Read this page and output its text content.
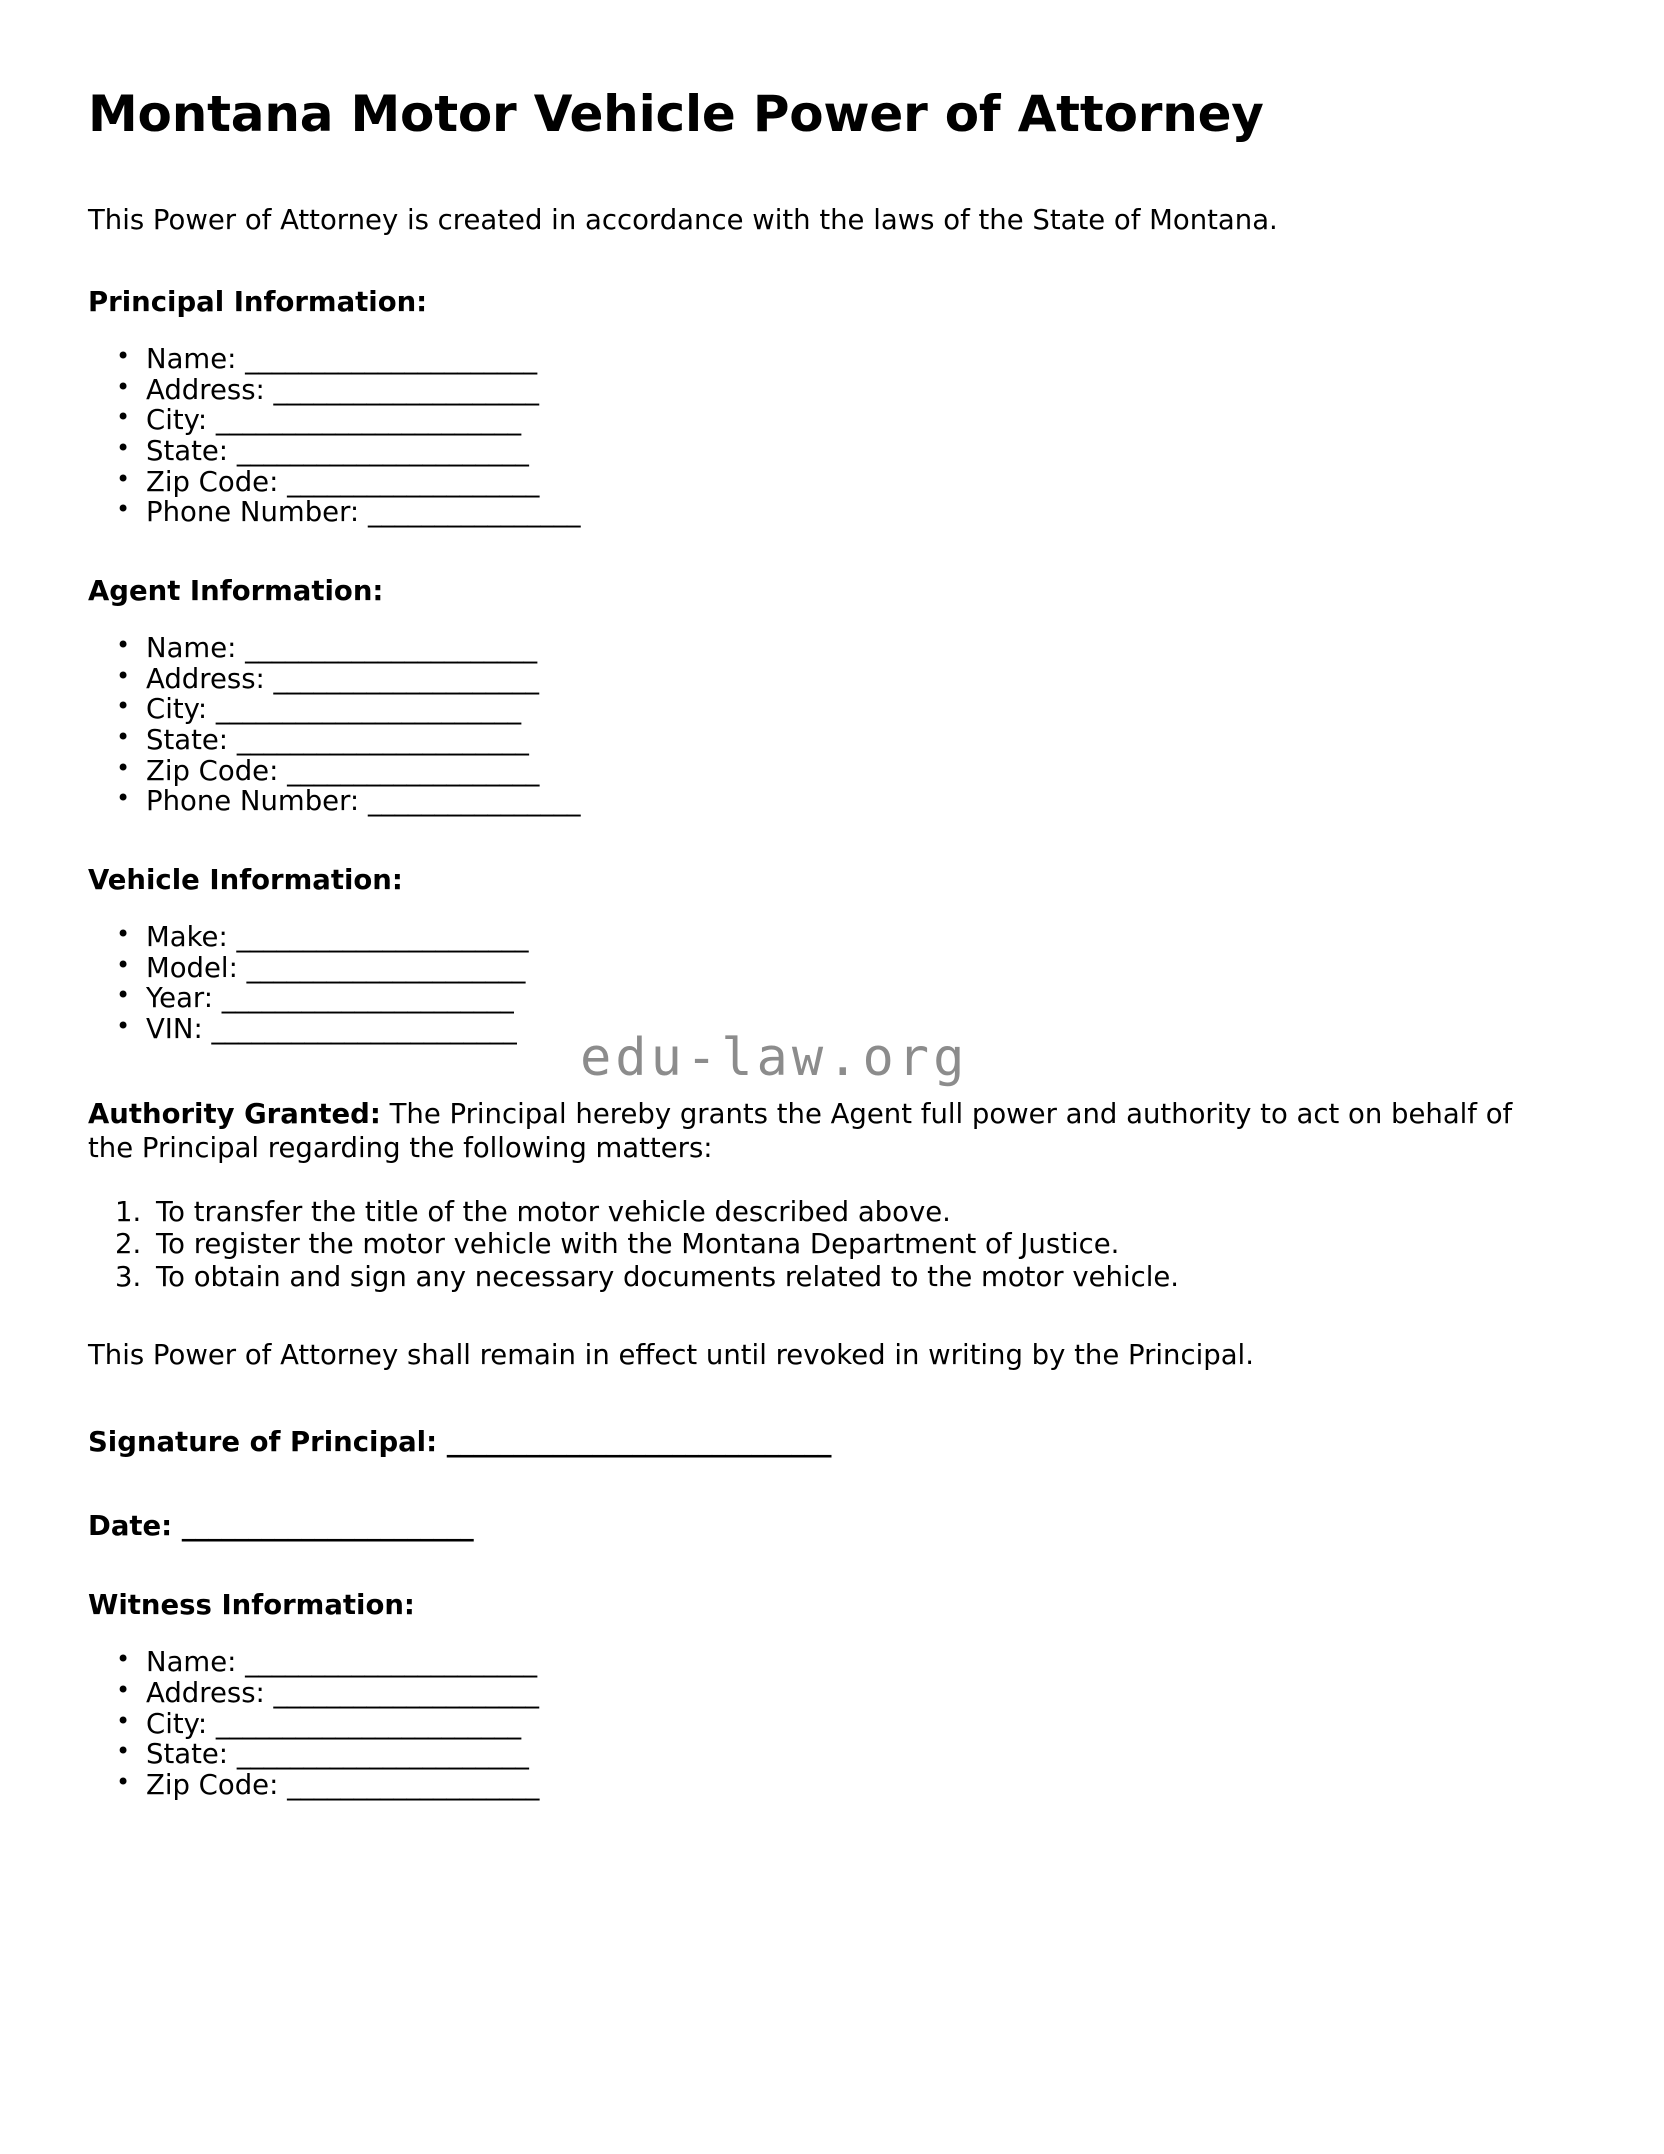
Montana Motor Vehicle Power of Attorney

This Power of Attorney is created in accordance with the laws of the State of Montana.

Principal Information:
• Name: ______________________
• Address: ____________________
• City: _______________________
• State: ______________________
• Zip Code: ___________________
• Phone Number: ________________
Agent Information:
• Name: ______________________
• Address: ____________________
• City: _______________________
• State: ______________________
• Zip Code: ___________________
• Phone Number: ________________
Vehicle Information:
• Make: ______________________
• Model: _____________________
• Year: ______________________
• VIN: _______________________

Authority Granted: The Principal hereby grants the Agent full power and authority to act on behalf of the Principal regarding the following matters:

1. To transfer the title of the motor vehicle described above.
2. To register the motor vehicle with the Montana Department of Justice.
3. To obtain and sign any necessary documents related to the motor vehicle.

This Power of Attorney shall remain in effect until revoked in writing by the Principal.

Signature of Principal: _____________________________

Date: ______________________

Witness Information:
• Name: ______________________
• Address: ____________________
• City: _______________________
• State: ______________________
• Zip Code: ___________________
edu-law.org
